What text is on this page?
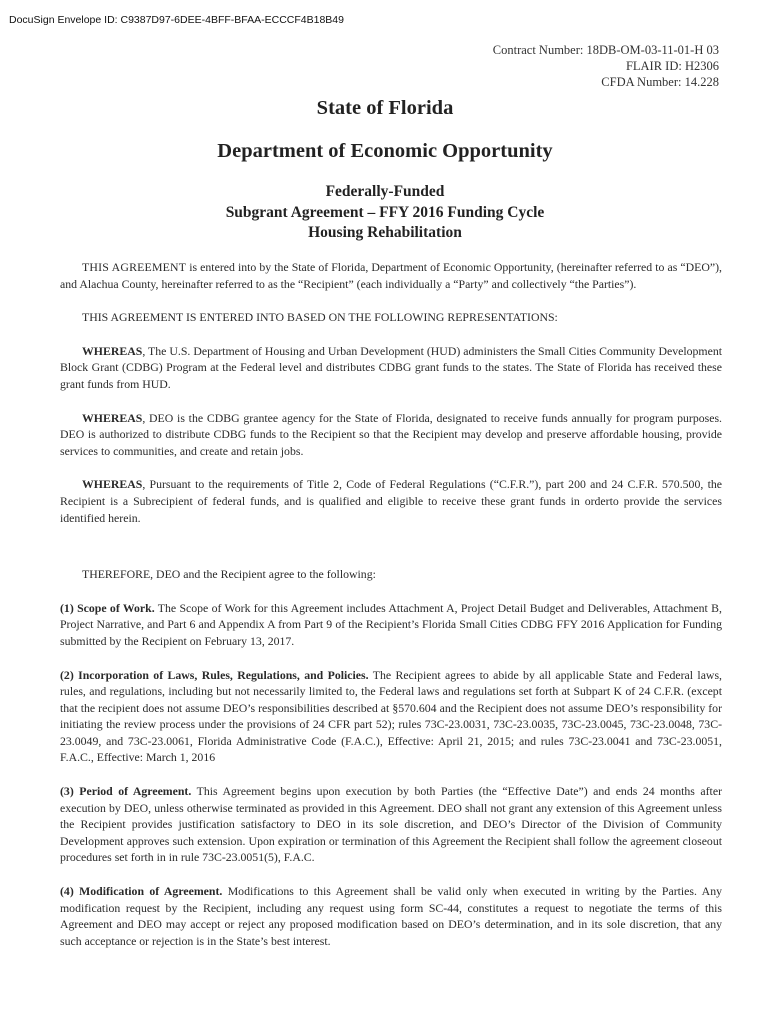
DocuSign Envelope ID: C9387D97-6DEE-4BFF-BFAA-ECCCF4B18B49
Contract Number: 18DB-OM-03-11-01-H 03
FLAIR ID: H2306
CFDA Number: 14.228
State of Florida
Department of Economic Opportunity
Federally-Funded
Subgrant Agreement – FFY 2016 Funding Cycle
Housing Rehabilitation

THIS AGREEMENT is entered into by the State of Florida, Department of Economic Opportunity, (hereinafter referred to as “DEO”), and Alachua County, hereinafter referred to as the “Recipient” (each individually a “Party” and collectively “the Parties”).

THIS AGREEMENT IS ENTERED INTO BASED ON THE FOLLOWING REPRESENTATIONS:

WHEREAS, The U.S. Department of Housing and Urban Development (HUD) administers the Small Cities Community Development Block Grant (CDBG) Program at the Federal level and distributes CDBG grant funds to the states. The State of Florida has received these grant funds from HUD.

WHEREAS, DEO is the CDBG grantee agency for the State of Florida, designated to receive funds annually for program purposes. DEO is authorized to distribute CDBG funds to the Recipient so that the Recipient may develop and preserve affordable housing, provide services to communities, and create and retain jobs.

WHEREAS, Pursuant to the requirements of Title 2, Code of Federal Regulations (“C.F.R.”), part 200 and 24 C.F.R. 570.500, the Recipient is a Subrecipient of federal funds, and is qualified and eligible to receive these grant funds in orderto provide the services identified herein.

THEREFORE, DEO and the Recipient agree to the following:

(1) Scope of Work. The Scope of Work for this Agreement includes Attachment A, Project Detail Budget and Deliverables, Attachment B, Project Narrative, and Part 6 and Appendix A from Part 9 of the Recipient’s Florida Small Cities CDBG FFY 2016 Application for Funding submitted by the Recipient on February 13, 2017.

(2) Incorporation of Laws, Rules, Regulations, and Policies. The Recipient agrees to abide by all applicable State and Federal laws, rules, and regulations, including but not necessarily limited to, the Federal laws and regulations set forth at Subpart K of 24 C.F.R. (except that the recipient does not assume DEO’s responsibilities described at §570.604 and the Recipient does not assume DEO’s responsibility for initiating the review process under the provisions of 24 CFR part 52); rules 73C-23.0031, 73C-23.0035, 73C-23.0045, 73C-23.0048, 73C-23.0049, and 73C-23.0061, Florida Administrative Code (F.A.C.), Effective: April 21, 2015; and rules 73C-23.0041 and 73C-23.0051, F.A.C., Effective: March 1, 2016

(3) Period of Agreement. This Agreement begins upon execution by both Parties (the “Effective Date”) and ends 24 months after execution by DEO, unless otherwise terminated as provided in this Agreement. DEO shall not grant any extension of this Agreement unless the Recipient provides justification satisfactory to DEO in its sole discretion, and DEO’s Director of the Division of Community Development approves such extension. Upon expiration or termination of this Agreement the Recipient shall follow the agreement closeout procedures set forth in in rule 73C-23.0051(5), F.A.C.

(4) Modification of Agreement. Modifications to this Agreement shall be valid only when executed in writing by the Parties. Any modification request by the Recipient, including any request using form SC-44, constitutes a request to negotiate the terms of this Agreement and DEO may accept or reject any proposed modification based on DEO’s determination, and in its sole discretion, that any such acceptance or rejection is in the State’s best interest.
